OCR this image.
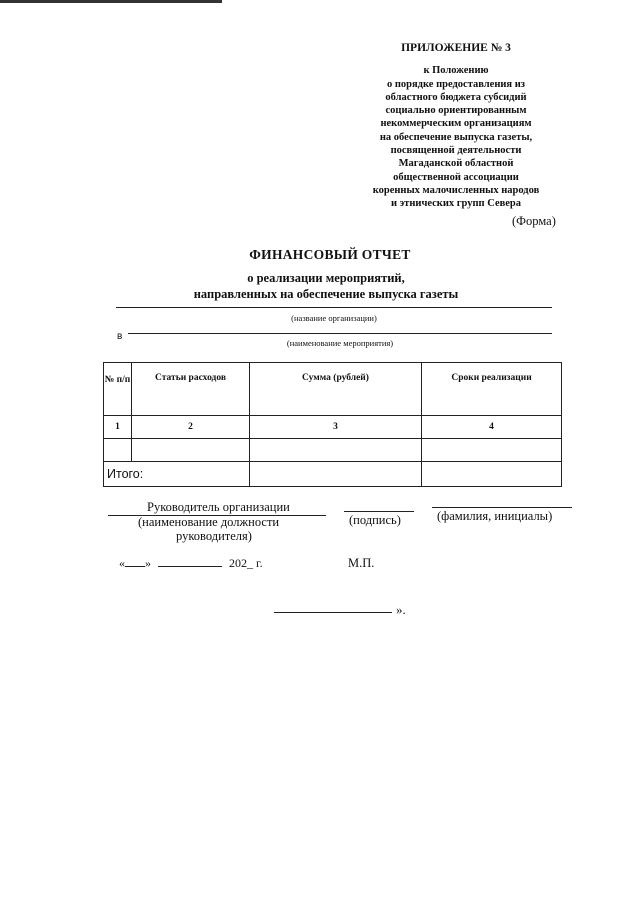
ПРИЛОЖЕНИЕ № 3
к Положению
о порядке предоставления из
областного бюджета субсидий
социально ориентированным
некоммерческим организациям
на обеспечение выпуска газеты,
посвященной деятельности
Магаданской областной
общественной ассоциации
коренных малочисленных народов
и этнических групп Севера
(Форма)
ФИНАНСОВЫЙ ОТЧЕТ
о реализации мероприятий,
направленных на обеспечение выпуска газеты
(название организации)
в
(наименование мероприятия)
№ п/п	Статьи расходов	Сумма (рублей)	Сроки реализации
1	2	3	4

Итого:			
Руководитель организации
(наименование должности
руководителя)
(подпись)	(фамилия, инициалы)
« »	202_ г.	М.П.
».
